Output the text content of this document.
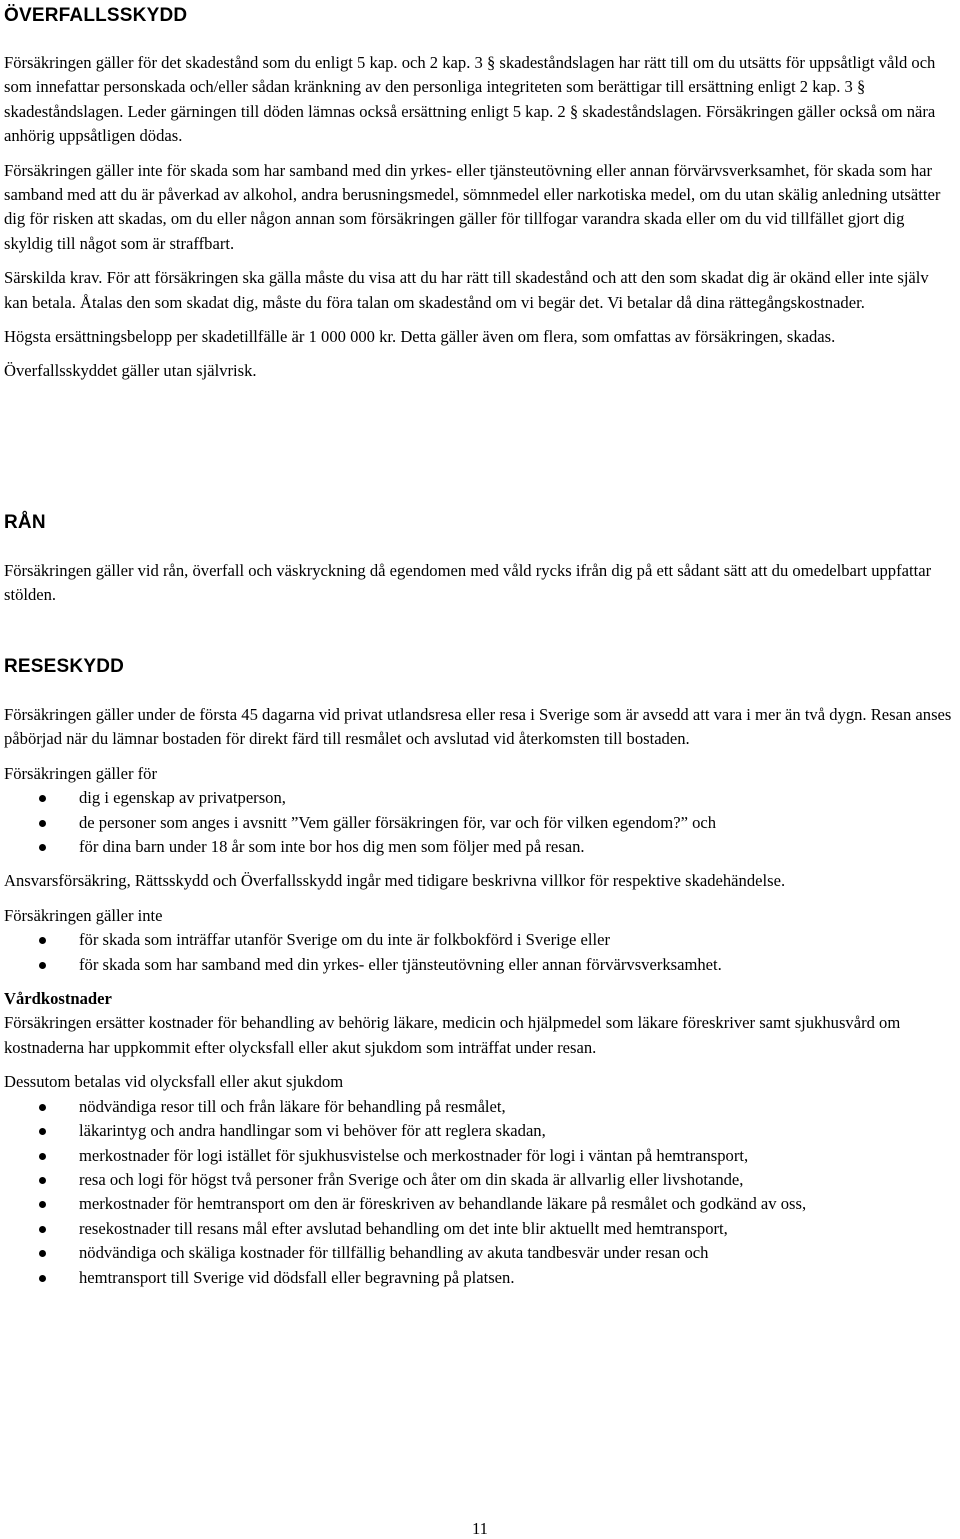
ÖVERFALLSSKYDD

Försäkringen gäller för det skadestånd som du enligt 5 kap. och 2 kap. 3 § skadeståndslagen har rätt till om du utsätts för uppsåtligt våld och som innefattar personskada och/eller sådan kränkning av den personliga integriteten som berättigar till ersättning enligt 2 kap. 3 § skadeståndslagen. Leder gärningen till döden lämnas också ersättning enligt 5 kap. 2 § skadeståndslagen. Försäkringen gäller också om nära anhörig uppsåtligen dödas.

Försäkringen gäller inte för skada som har samband med din yrkes- eller tjänsteutövning eller annan förvärvsverksamhet, för skada som har samband med att du är påverkad av alkohol, andra berusningsmedel, sömnmedel eller narkotiska medel, om du utan skälig anledning utsätter dig för risken att skadas, om du eller någon annan som försäkringen gäller för tillfogar varandra skada eller om du vid tillfället gjort dig skyldig till något som är straffbart.

Särskilda krav. För att försäkringen ska gälla måste du visa att du har rätt till skadestånd och att den som skadat dig är okänd eller inte själv kan betala. Åtalas den som skadat dig, måste du föra talan om skadestånd om vi begär det. Vi betalar då dina rättegångskostnader.

Högsta ersättningsbelopp per skadetillfälle är 1 000 000 kr. Detta gäller även om flera, som omfattas av försäkringen, skadas.

Överfallsskyddet gäller utan självrisk.

RÅN

Försäkringen gäller vid rån, överfall och väskryckning då egendomen med våld rycks ifrån dig på ett sådant sätt att du omedelbart uppfattar stölden.

RESESKYDD

Försäkringen gäller under de första 45 dagarna vid privat utlandsresa eller resa i Sverige som är avsedd att vara i mer än två dygn. Resan anses påbörjad när du lämnar bostaden för direkt färd till resmålet och avslutad vid återkomsten till bostaden.

Försäkringen gäller för

dig i egenskap av privatperson,
de personer som anges i avsnitt ”Vem gäller försäkringen för, var och för vilken egendom?” och
för dina barn under 18 år som inte bor hos dig men som följer med på resan.

Ansvarsförsäkring, Rättsskydd och Överfallsskydd ingår med tidigare beskrivna villkor för respektive skadehändelse.

Försäkringen gäller inte

för skada som inträffar utanför Sverige om du inte är folkbokförd i Sverige eller
för skada som har samband med din yrkes- eller tjänsteutövning eller annan förvärvsverksamhet.

Vårdkostnader

Försäkringen ersätter kostnader för behandling av behörig läkare, medicin och hjälpmedel som läkare föreskriver samt sjukhusvård om kostnaderna har uppkommit efter olycksfall eller akut sjukdom som inträffat under resan.

Dessutom betalas vid olycksfall eller akut sjukdom

nödvändiga resor till och från läkare för behandling på resmålet,
läkarintyg och andra handlingar som vi behöver för att reglera skadan,
merkostnader för logi istället för sjukhusvistelse och merkostnader för logi i väntan på hemtransport,
resa och logi för högst två personer från Sverige och åter om din skada är allvarlig eller livshotande,
merkostnader för hemtransport om den är föreskriven av behandlande läkare på resmålet och godkänd av oss,
resekostnader till resans mål efter avslutad behandling om det inte blir aktuellt med hemtransport,
nödvändiga och skäliga kostnader för tillfällig behandling av akuta tandbesvär under resan och
hemtransport till Sverige vid dödsfall eller begravning på platsen.
11
